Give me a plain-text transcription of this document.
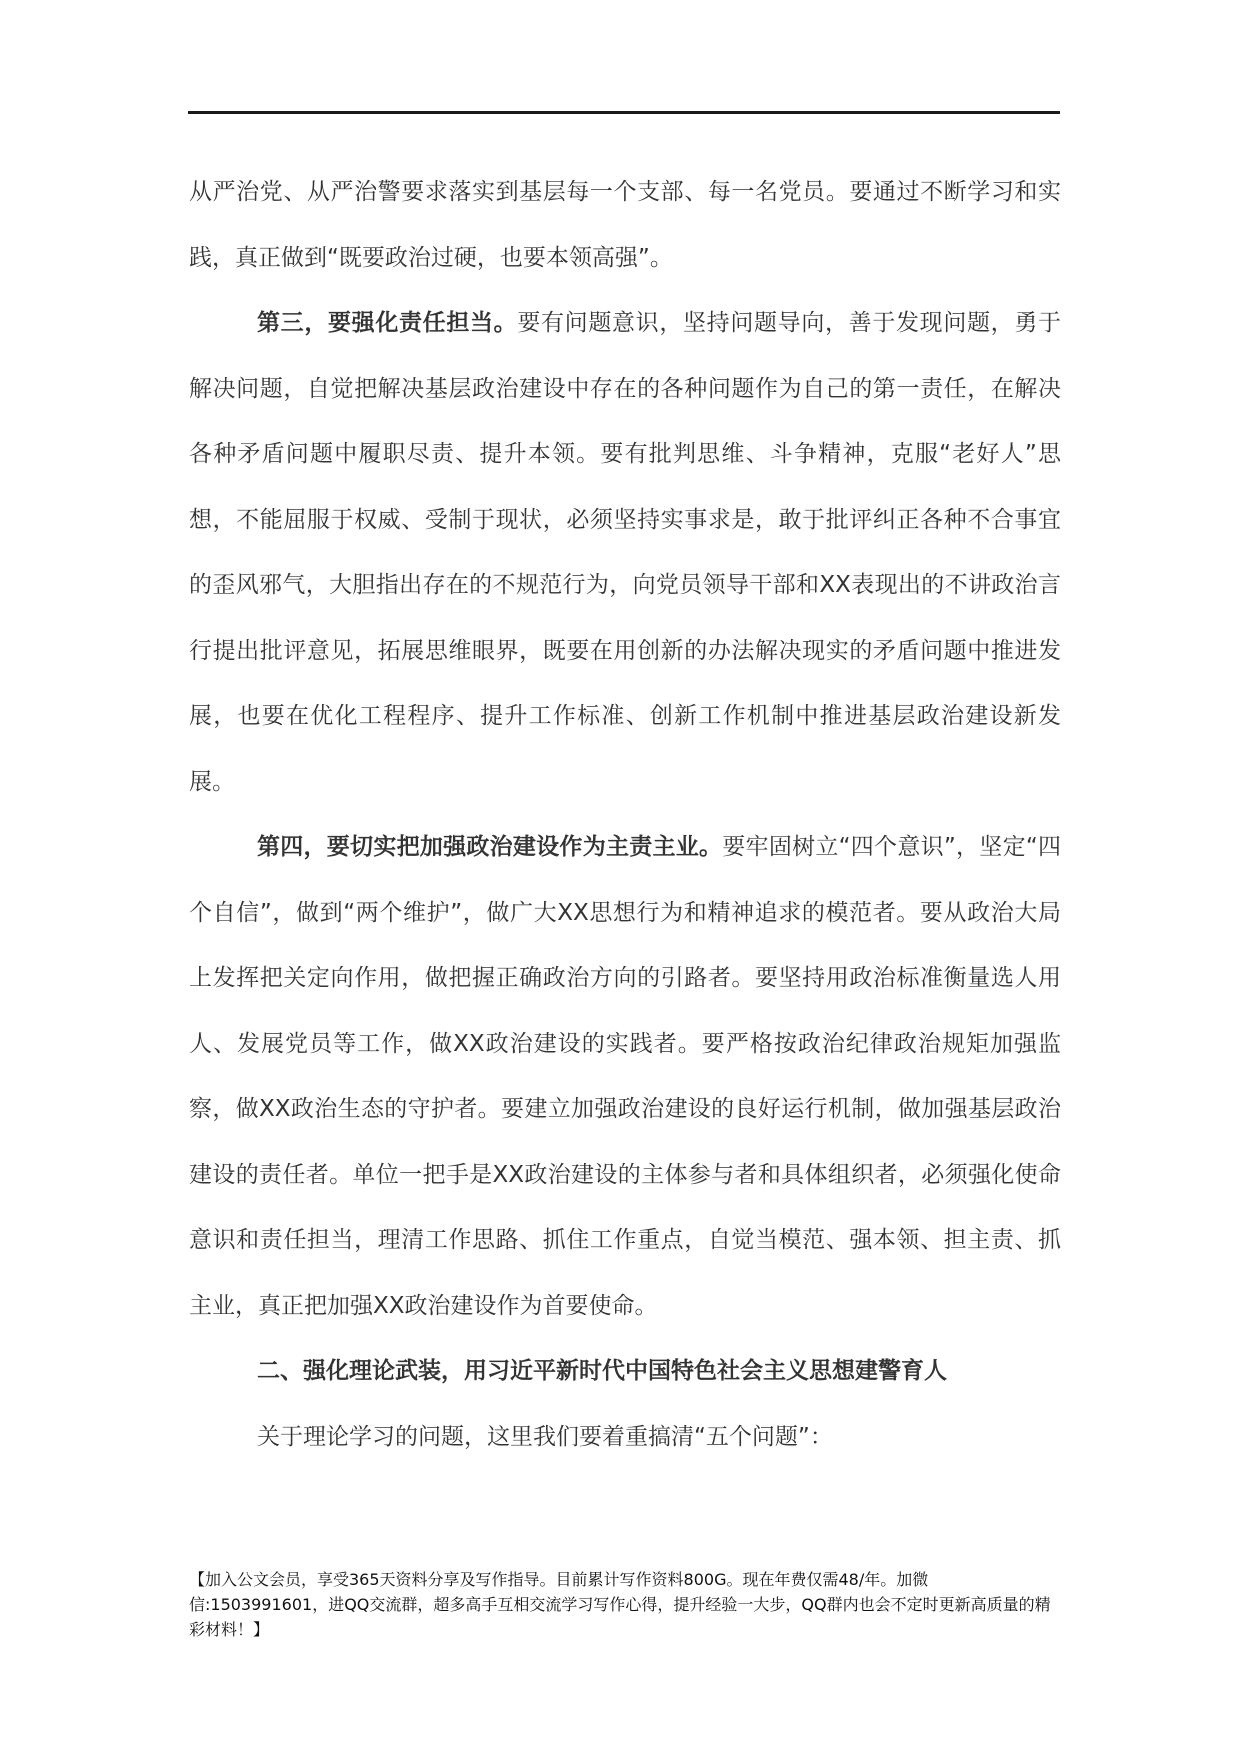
从严治党、从严治警要求落实到基层每一个支部、每一名党员。要通过不断学习和实践，真正做到“既要政治过硬，也要本领高强”。

第三，要强化责任担当。要有问题意识，坚持问题导向，善于发现问题，勇于解决问题，自觉把解决基层政治建设中存在的各种问题作为自己的第一责任，在解决各种矛盾问题中履职尽责、提升本领。要有批判思维、斗争精神，克服“老好人”思想，不能屈服于权威、受制于现状，必须坚持实事求是，敢于批评纠正各种不合事宜的歪风邪气，大胆指出存在的不规范行为，向党员领导干部和XX表现出的不讲政治言行提出批评意见，拓展思维眼界，既要在用创新的办法解决现实的矛盾问题中推进发展，也要在优化工程程序、提升工作标准、创新工作机制中推进基层政治建设新发展。

第四，要切实把加强政治建设作为主责主业。要牢固树立“四个意识”，坚定“四个自信”，做到“两个维护”，做广大XX思想行为和精神追求的模范者。要从政治大局上发挥把关定向作用，做把握正确政治方向的引路者。要坚持用政治标准衡量选人用人、发展党员等工作，做XX政治建设的实践者。要严格按政治纪律政治规矩加强监察，做XX政治生态的守护者。要建立加强政治建设的良好运行机制，做加强基层政治建设的责任者。单位一把手是XX政治建设的主体参与者和具体组织者，必须强化使命意识和责任担当，理清工作思路、抓住工作重点，自觉当模范、强本领、担主责、抓主业，真正把加强XX政治建设作为首要使命。

二、强化理论武装，用习近平新时代中国特色社会主义思想建警育人

关于理论学习的问题，这里我们要着重搞清“五个问题”：

【加入公文会员，享受365天资料分享及写作指导。目前累计写作资料800G。现在年费仅需48/年。加微信:1503991601，进QQ交流群，超多高手互相交流学习写作心得，提升经验一大步，QQ群内也会不定时更新高质量的精彩材料！】
